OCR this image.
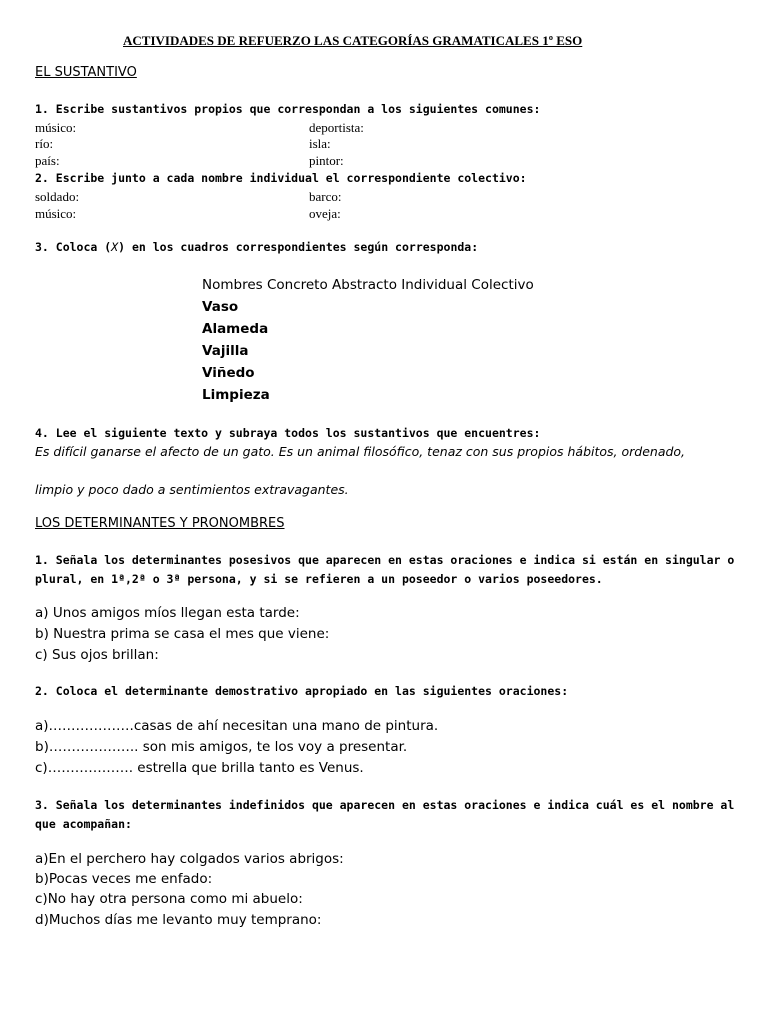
ACTIVIDADES DE REFUERZO LAS CATEGORÍAS GRAMATICALES 1º ESO
EL SUSTANTIVO
1. Escribe sustantivos propios que correspondan a los siguientes comunes:
músico:	deportista:
río:	isla:
país:	pintor:
2. Escribe junto a cada nombre individual el correspondiente colectivo:
soldado:	barco:
músico:	oveja:
3. Coloca (X) en los cuadros correspondientes según corresponda:
Nombres Concreto Abstracto Individual Colectivo
Vaso
Alameda
Vajilla
Viñedo
Limpieza
4. Lee el siguiente texto y subraya todos los sustantivos que encuentres:
Es difícil ganarse el afecto de un gato. Es un animal filosófico, tenaz con sus propios hábitos, ordenado,
limpio y poco dado a sentimientos extravagantes.
LOS DETERMINANTES Y PRONOMBRES
1. Señala los determinantes posesivos que aparecen en estas oraciones e indica si están en singular o plural, en 1ª,2ª o 3ª persona, y si se refieren a un poseedor o varios poseedores.
a) Unos amigos míos llegan esta tarde:
b) Nuestra prima se casa el mes que viene:
c) Sus ojos brillan:
2. Coloca el determinante demostrativo apropiado en las siguientes oraciones:
a)……………….casas de ahí necesitan una mano de pintura.
b)……………….. son mis amigos, te los voy a presentar.
c)………………. estrella que brilla tanto es Venus.
3. Señala los determinantes indefinidos que aparecen en estas oraciones e indica cuál es el nombre al que acompañan:
a)En el perchero hay colgados varios abrigos:
b)Pocas veces me enfado:
c)No hay otra persona como mi abuelo:
d)Muchos días me levanto muy temprano:
